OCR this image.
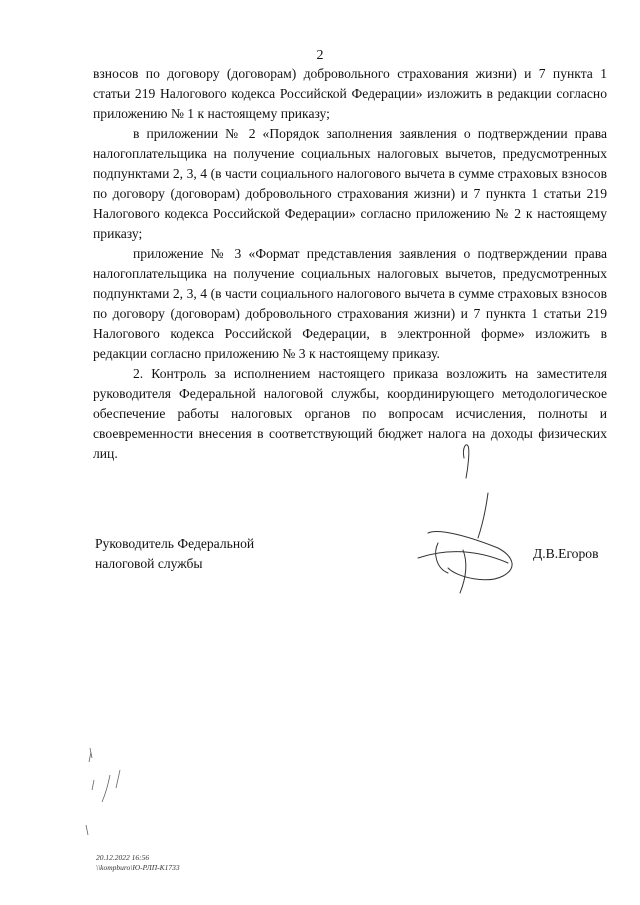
2

взносов по договору (договорам) добровольного страхования жизни) и 7 пункта 1 статьи 219 Налогового кодекса Российской Федерации» изложить в редакции согласно приложению № 1 к настоящему приказу;

в приложении № 2 «Порядок заполнения заявления о подтверждении права налогоплательщика на получение социальных налоговых вычетов, предусмотренных подпунктами 2, 3, 4 (в части социального налогового вычета в сумме страховых взносов по договору (договорам) добровольного страхования жизни) и 7 пункта 1 статьи 219 Налогового кодекса Российской Федерации» согласно приложению № 2 к настоящему приказу;

приложение № 3 «Формат представления заявления о подтверждении права налогоплательщика на получение социальных налоговых вычетов, предусмотренных подпунктами 2, 3, 4 (в части социального налогового вычета в сумме страховых взносов по договору (договорам) добровольного страхования жизни) и 7 пункта 1 статьи 219 Налогового кодекса Российской Федерации, в электронной форме» изложить в редакции согласно приложению № 3 к настоящему приказу.

2. Контроль за исполнением настоящего приказа возложить на заместителя руководителя Федеральной налоговой службы, координирующего методологическое обеспечение работы налоговых органов по вопросам исчисления, полноты и своевременности внесения в соответствующий бюджет налога на доходы физических лиц.

Руководитель Федеральной
налоговой службы
Д.В.Егоров
20.12.2022 16:56
\\kompburo\Ю-РЛП-К1733
